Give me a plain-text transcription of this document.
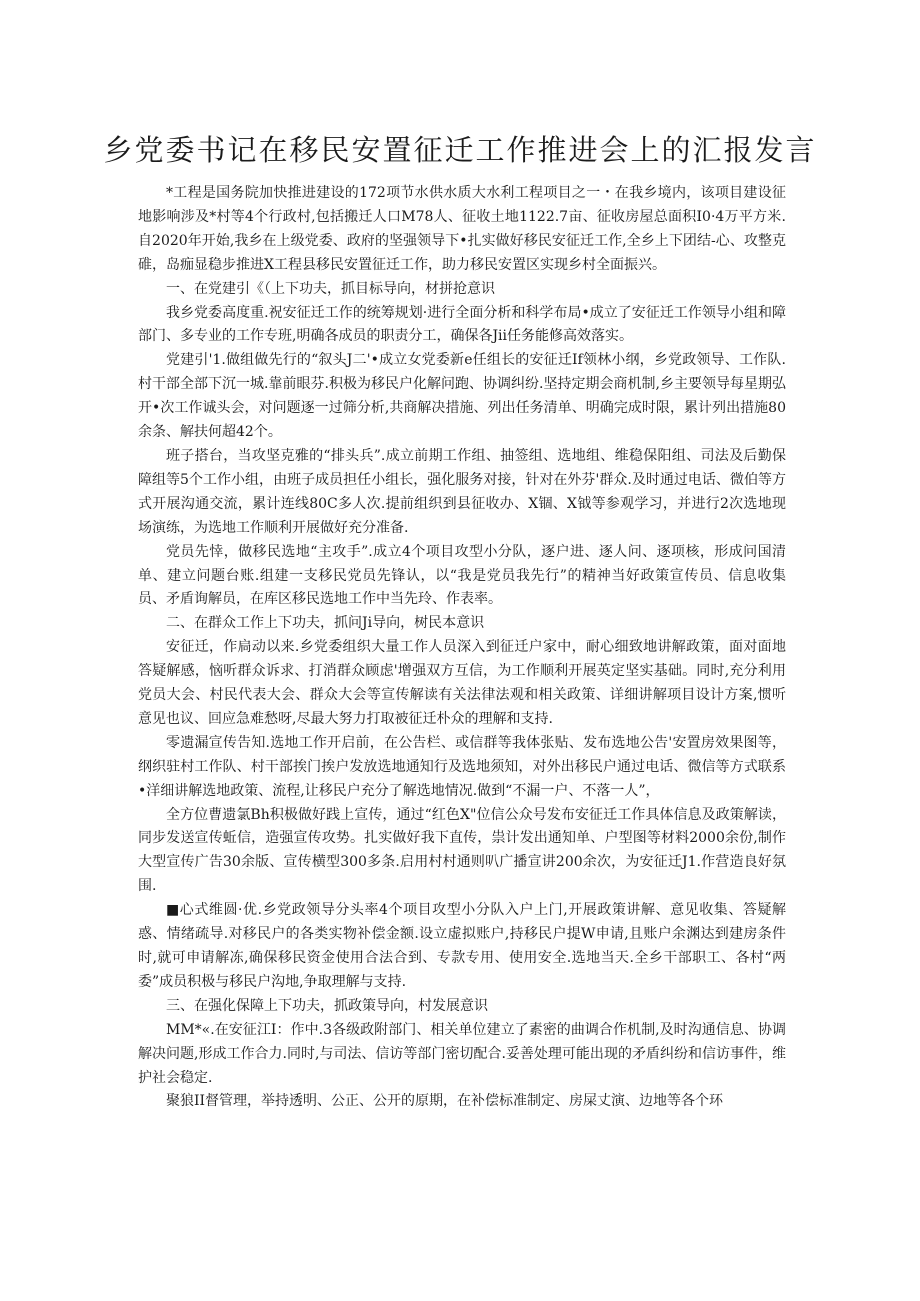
乡党委书记在移民安置征迁工作推进会上的汇报发言

*工程是国务院加快推进建设的172项节水供水质大水利工程项目之一・在我乡境内，该项目建设征地影响涉及*村等4个行政村,包括搬迁人口M78人、征收土地1122.7亩、征收房屋总面积I0·4万平方米.自2020年开始,我乡在上级党委、政府的坚强领导下•扎实做好移民安征迁工作,全乡上下团结-心、攻整克碓，岛痂显稳步推进X工程县移民安置征迁工作，助力移民安置区实现乡村全面振兴。

一、在党建引《（上下功夫，抓目标导向，材拼抢意识

我乡党委高度重.祝安征迁工作的统筹规划·进行全面分析和科学布局•成立了安征迁工作领导小组和障部门、多专业的工作专班,明确各成员的职责分工，确保各Jii任务能修高效落实。

党建引'1.做组做先行的“叙头J二'•成立女党委新e任组长的安征迁If领林小纲，乡党政领导、工作队.村干部全部下沉一城.靠前眼芬.积极为移民户化解问跑、协调纠纷.坚持定期会商机制,乡主要领导每星期弘开•次工作诚头会，对问题逐一过筛分析,共商解决措施、列出任务清单、明确完成时限，累计列出措施80余条、解扶何超42个。

班子搭台，当攻坚克雅的“排头兵”.成立前期工作组、抽签组、选地组、维稳保阳组、司法及后勤保障组等5个工作小组，由班子成员担任小组长，强化服务对接，针对在外芬'群众.及时通过电话、微伯等方式开展沟通交流，累计连线80C多人次.提前组织到县征收办、X锢、X钺等参观学习，并进行2次选地现场演练，为选地工作顺利开展做好充分准备.

党员先悻，做移民选地“主攻手”.成立4个项目攻型小分队，逐户进、逐人问、逐项核，形成问国清单、建立问题台账.组建一支移民党员先锋认，以“我是党员我先行”的精神当好政策宣传员、信息收集员、矛盾询解员，在库区移民选地工作中当先玲、作表率。

二、在群众工作上下功夫，抓问Ji导向，树民本意识

安征迁，作扃动以来.乡党委组织大量工作人员深入到征迁户家中，耐心细致地讲解政策，面对面地答疑解感，恼听群众诉求、打消群众顾虑'增强双方互信，为工作顺利开展英定坚实基础。同时,充分利用党员大会、村民代表大会、群众大会等宣传解读有关法律法观和相关政策、详细讲解项目设计方案,惯听意见也议、回应急难愁呀,尽最大努力打取被征迁朴众的理解和支持.

零遗漏宣传告知.选地工作开启前，在公告栏、或信群等我体张贴、发布选地公告'安置房效果图等，纲织驻村工作队、村干部挨门挨户发放选地通知行及选地须知，对外出移民户通过电话、微信等方式联系•洋细讲解选地政策、流程,让移民户充分了解选地情况.做到“不漏一户、不落一人”，

全方位曹遗氯Bh积极做好践上宣传，通过“红色X"位信公众号发布安征迁工作具体信息及政策解读，同步发送宣传蚯信，造强宣传攻势。扎实做好我下直传，祟计发出通知单、户型图等材料2000余份,制作大型宣传广告30余版、宣传横型300多条.启用村村通则叭广播宣讲200余次，为安征迁J1.作营造良好氛围.

■心式维圆·优.乡党政领导分头率4个项目攻型小分队入户上门,开展政策讲解、意见收集、答疑解惑、情绪疏导.对移民户的各类实物补偿金额.设立虚拟账户,持移民户提W申请,且账户余渊达到建房条件时,就可申请解冻,确保移民资金使用合法合到、专款专用、使用安全.选地当天.全乡干部职工、各村“两委”成员积极与移民户沟地,争取理解与支持.

三、在强化保障上下功夫，抓政策导向，村发展意识

MM*«.在安征江I：作中.3各级政附部门、相关单位建立了素密的曲调合作机制,及时沟通信息、协调解决问题,形成工作合力.同时,与司法、信访等部门密切配合.妥善处理可能出现的矛盾纠纷和信访事件，维护社会稳定.

聚狼II督管理，举持透明、公正、公开的原期，在补偿标准制定、房屎丈演、边地等各个环
